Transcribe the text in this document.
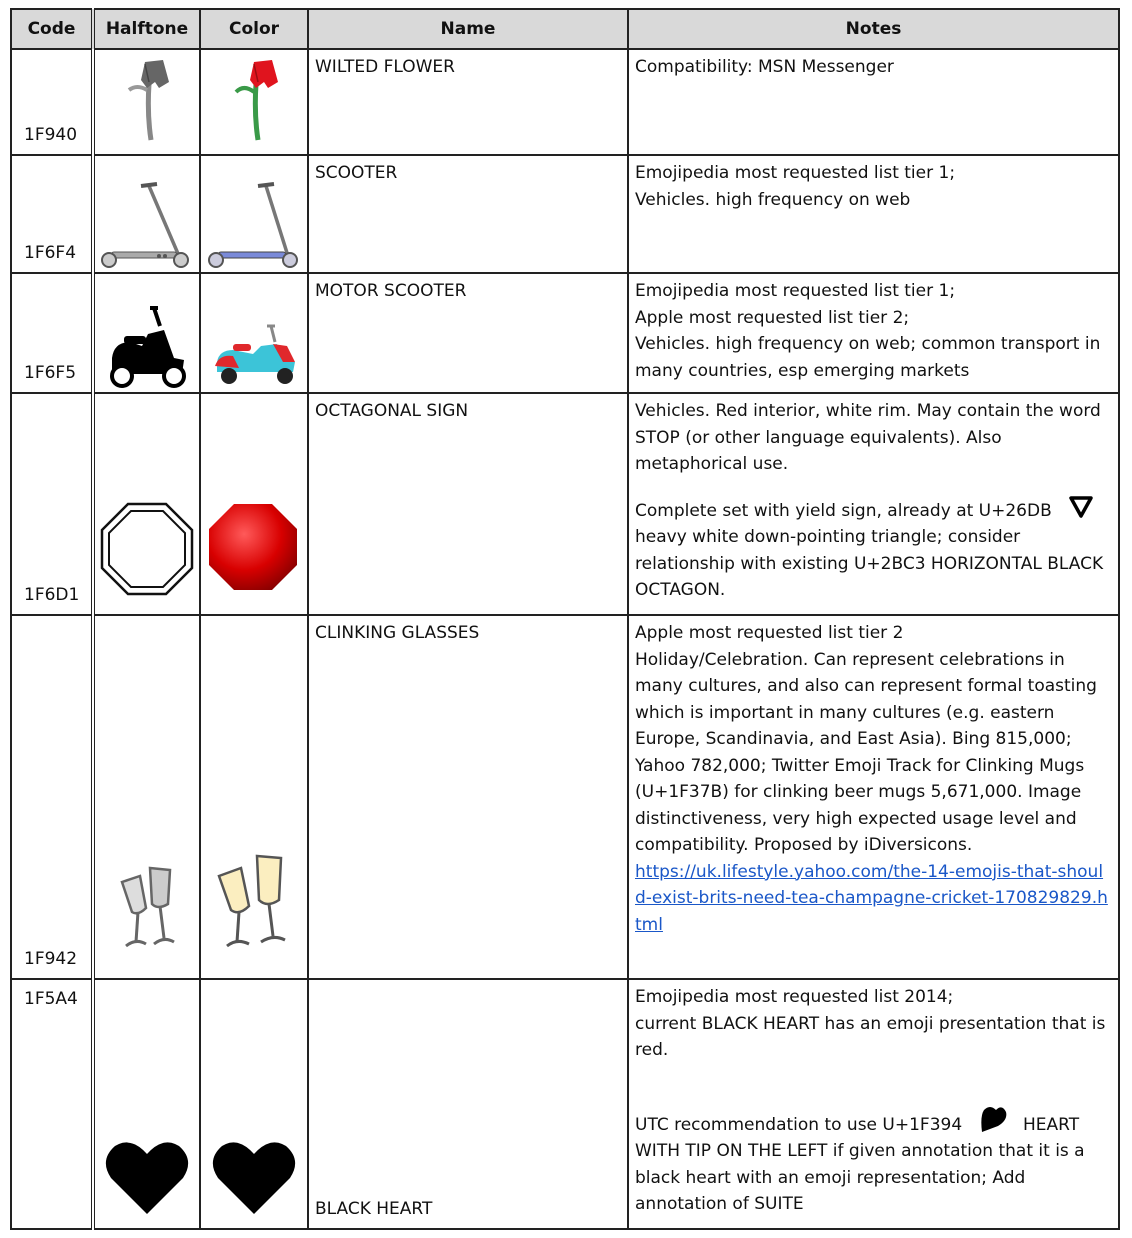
Code	Halftone	Color	Name	Notes
1F940			WILTED FLOWER	Compatibility: MSN Messenger

1F6F4			SCOOTER	Emojipedia most requested list tier 1;

Vehicles. high frequency on web

1F6F5			MOTOR SCOOTER	Emojipedia most requested list tier 1;

Apple most requested list tier 2;

Vehicles. high frequency on web; common transport in many countries, esp emerging markets

1F6D1			OCTAGONAL SIGN	Vehicles. Red interior, white rim. May contain the word STOP (or other language equivalents). Also metaphorical use.

Complete set with yield sign, already at U+26DB
heavy white down-pointing triangle; consider relationship with existing U+2BC3 HORIZONTAL BLACK OCTAGON.

1F942			CLINKING GLASSES	Apple most requested list tier 2

Holiday/Celebration. Can represent celebrations in many cultures, and also can represent formal toasting which is important in many cultures (e.g. eastern Europe, Scandinavia, and East Asia). Bing 815,000; Yahoo 782,000; Twitter Emoji Track for Clinking Mugs (U+1F37B) for clinking beer mugs 5,671,000. Image distinctiveness, very high expected usage level and compatibility. Proposed by iDiversicons.

https://uk.lifestyle.yahoo.com/the-14-emojis-that-should-exist-brits-need-tea-champagne-cricket-170829829.html

1F5A4			BLACK HEART	Emojipedia most requested list 2014;

current BLACK HEART has an emoji presentation that is red.

UTC recommendation to use U+1F394 HEART WITH TIP ON THE LEFT if given annotation that it is a black heart with an emoji representation; Add annotation of SUITE
